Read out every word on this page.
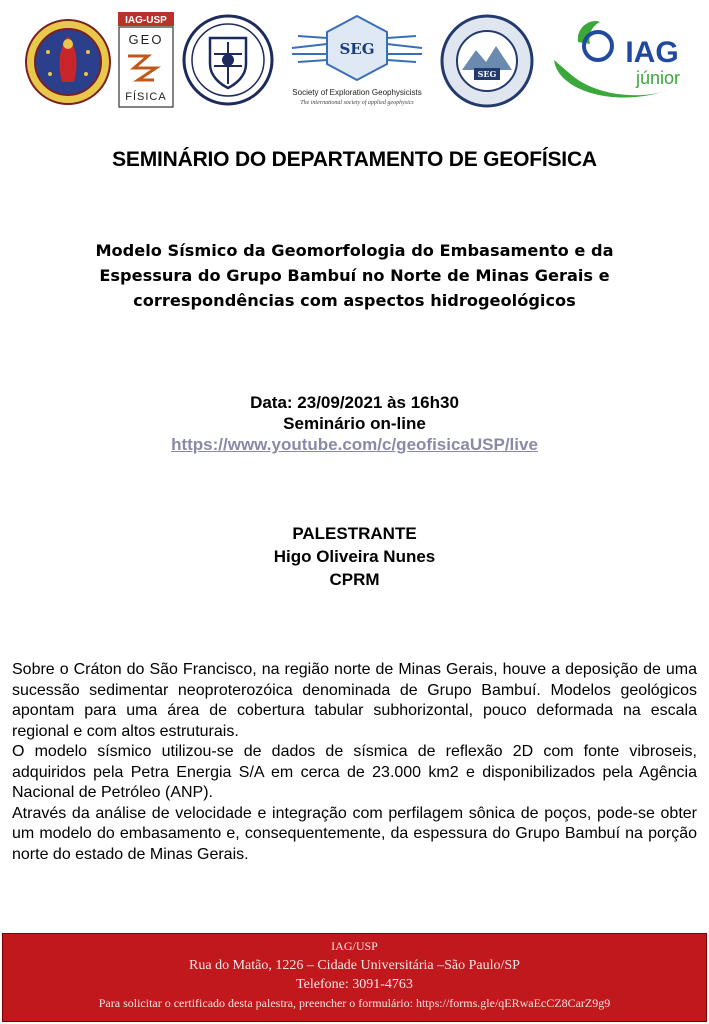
IAG-USP
GEO
FÍSICA
SEG
Society of Exploration Geophysicists
The international society of applied geophysics
SEG
IAG
júnior
SEMINÁRIO DO DEPARTAMENTO DE GEOFÍSICA
Modelo Sísmico da Geomorfologia do Embasamento e da
Espessura do Grupo Bambuí no Norte de Minas Gerais e
correspondências com aspectos hidrogeológicos
Data: 23/09/2021 às 16h30
Seminário on-line
https://www.youtube.com/c/geofisicaUSP/live
PALESTRANTE
Higo Oliveira Nunes
CPRM

Sobre o Cráton do São Francisco, na região norte de Minas Gerais, houve a deposição de uma sucessão sedimentar neoproterozóica denominada de Grupo Bambuí. Modelos geológicos apontam para uma área de cobertura tabular subhorizontal, pouco deformada na escala regional e com altos estruturais.

O modelo sísmico utilizou-se de dados de sísmica de reflexão 2D com fonte vibroseis, adquiridos pela Petra Energia S/A em cerca de 23.000 km2 e disponibilizados pela Agência Nacional de Petróleo (ANP).

Através da análise de velocidade e integração com perfilagem sônica de poços, pode-se obter um modelo do embasamento e, consequentemente, da espessura do Grupo Bambuí na porção norte do estado de Minas Gerais.

IAG/USP
Rua do Matão, 1226 – Cidade Universitária –São Paulo/SP
Telefone: 3091-4763
Para solicitar o certificado desta palestra, preencher o formulário: https://forms.gle/qERwaEcCZ8CarZ9g9
